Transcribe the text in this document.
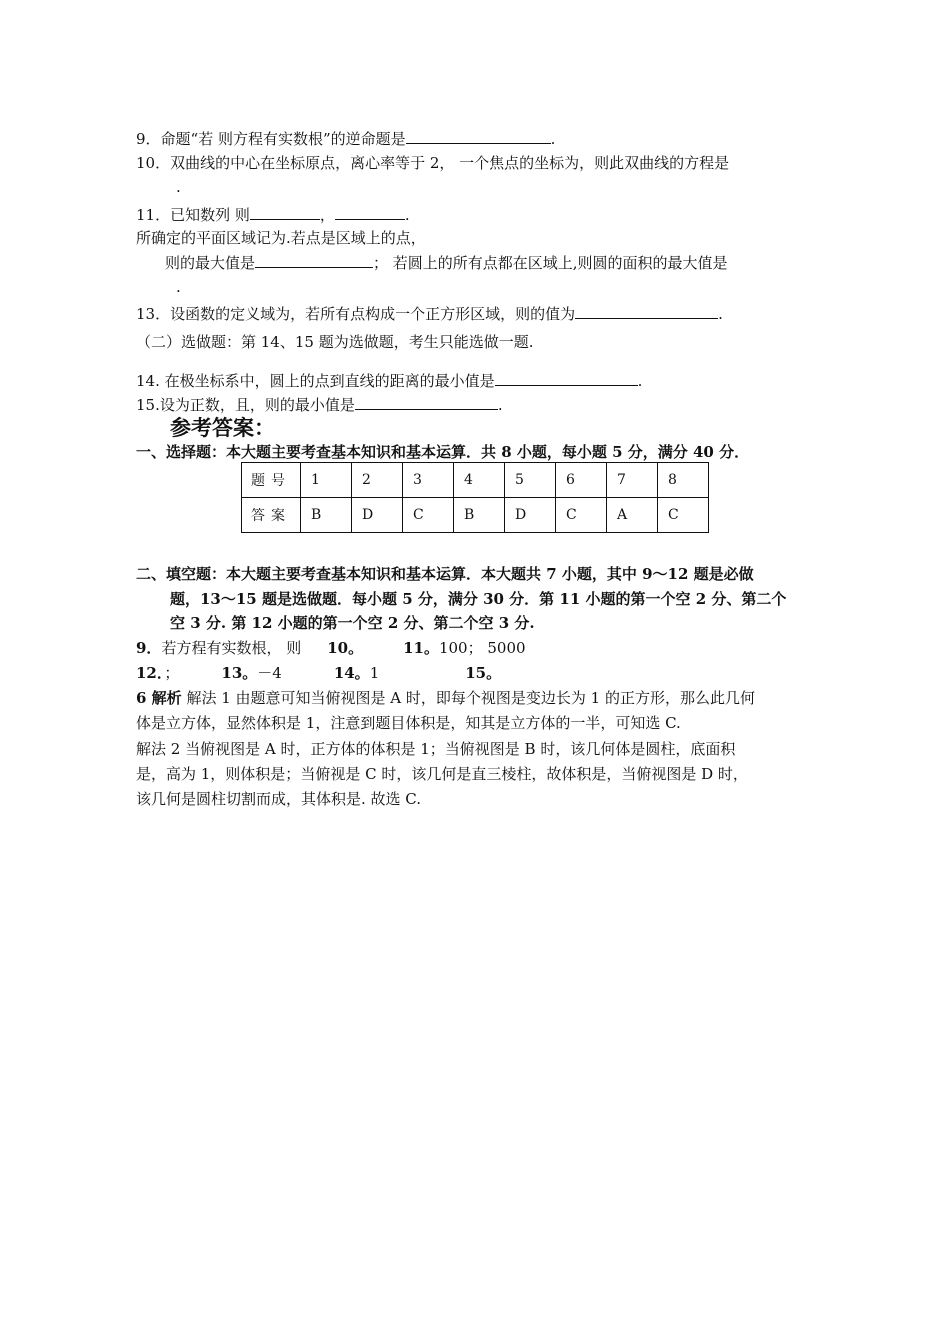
9．命题“若 则方程有实数根”的逆命题是	.
10．双曲线的中心在坐标原点，离心率等于 2， 一个焦点的坐标为，则此双曲线的方程是
.
11．已知数列 则	，	.
所确定的平面区域记为.若点是区域上的点，
则的最大值是	； 若圆上的所有点都在区域上,则圆的面积的最大值是
.
13．设函数的定义域为，若所有点构成一个正方形区域，则的值为	.
（二）选做题：第 14、15 题为选做题，考生只能选做一题.
14. 在极坐标系中，圆上的点到直线的距离的最小值是	.
15.设为正数，且，则的最小值是	.
参考答案：
一、选择题：本大题主要考查基本知识和基本运算．共 8 小题，每小题 5 分，满分 40 分．
题号	1	2	3	4	5	6	7	8
答案	B	D	C	B	D	C	A	C
二、填空题：本大题主要考查基本知识和基本运算．本大题共 7 小题，其中 9～12 题是必做
题，13～15 题是选做题．每小题 5 分，满分 30 分．第 11 小题的第一个空 2 分、第二个
空 3 分. 第 12 小题的第一个空 2 分、第二个空 3 分.
9．若方程有实数根， 则 10。	11。100； 5000
12．；	13。－4	14。1	15。
6 解析 解法 1 由题意可知当俯视图是 A 时，即每个视图是变边长为 1 的正方形，那么此几何
体是立方体，显然体积是 1，注意到题目体积是，知其是立方体的一半，可知选 C.
解法 2 当俯视图是 A 时，正方体的体积是 1；当俯视图是 B 时，该几何体是圆柱，底面积
是，高为 1，则体积是；当俯视是 C 时，该几何是直三棱柱，故体积是，当俯视图是 D 时，
该几何是圆柱切割而成，其体积是. 故选 C.
